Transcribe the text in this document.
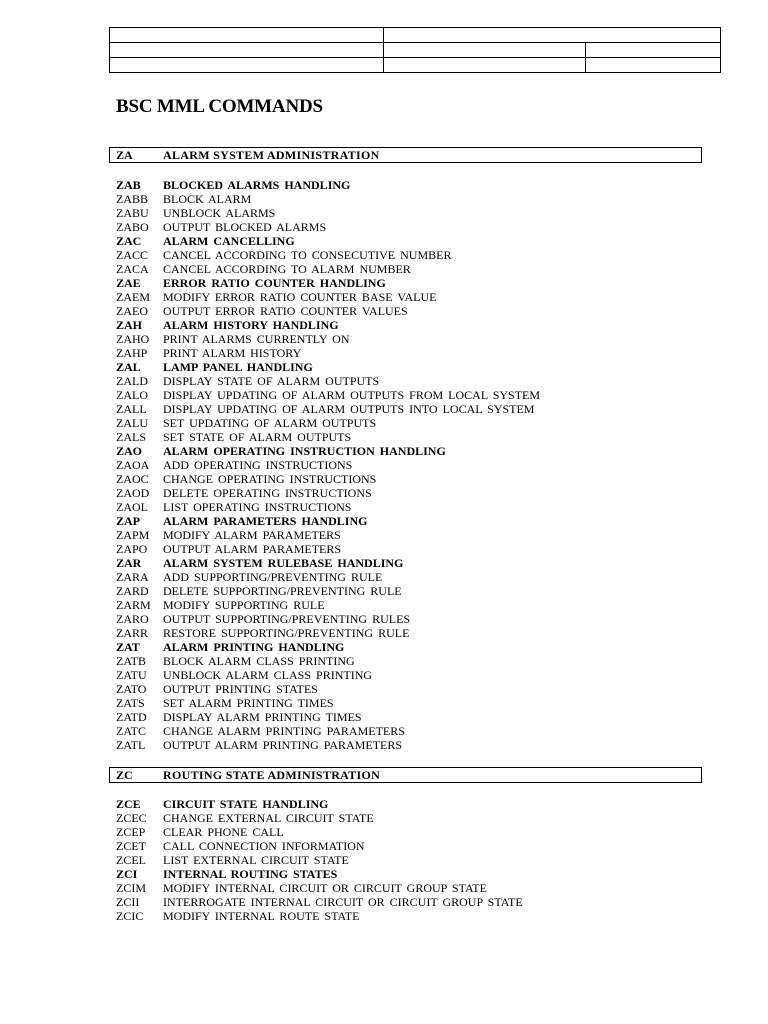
BSC MML COMMANDS
ZA	ALARM SYSTEM ADMINISTRATION
ZAB BLOCKED ALARMS HANDLING
ZABB BLOCK ALARM
ZABU UNBLOCK ALARMS
ZABO OUTPUT BLOCKED ALARMS
ZAC ALARM CANCELLING
ZACC CANCEL ACCORDING TO CONSECUTIVE NUMBER
ZACA CANCEL ACCORDING TO ALARM NUMBER
ZAE ERROR RATIO COUNTER HANDLING
ZAEM MODIFY ERROR RATIO COUNTER BASE VALUE
ZAEO OUTPUT ERROR RATIO COUNTER VALUES
ZAH ALARM HISTORY HANDLING
ZAHO PRINT ALARMS CURRENTLY ON
ZAHP PRINT ALARM HISTORY
ZAL LAMP PANEL HANDLING
ZALD DISPLAY STATE OF ALARM OUTPUTS
ZALO DISPLAY UPDATING OF ALARM OUTPUTS FROM LOCAL SYSTEM
ZALL DISPLAY UPDATING OF ALARM OUTPUTS INTO LOCAL SYSTEM
ZALU SET UPDATING OF ALARM OUTPUTS
ZALS SET STATE OF ALARM OUTPUTS
ZAO ALARM OPERATING INSTRUCTION HANDLING
ZAOA ADD OPERATING INSTRUCTIONS
ZAOC CHANGE OPERATING INSTRUCTIONS
ZAOD DELETE OPERATING INSTRUCTIONS
ZAOL LIST OPERATING INSTRUCTIONS
ZAP ALARM PARAMETERS HANDLING
ZAPM MODIFY ALARM PARAMETERS
ZAPO OUTPUT ALARM PARAMETERS
ZAR ALARM SYSTEM RULEBASE HANDLING
ZARA ADD SUPPORTING/PREVENTING RULE
ZARD DELETE SUPPORTING/PREVENTING RULE
ZARM MODIFY SUPPORTING RULE
ZARO OUTPUT SUPPORTING/PREVENTING RULES
ZARR RESTORE SUPPORTING/PREVENTING RULE
ZAT ALARM PRINTING HANDLING
ZATB BLOCK ALARM CLASS PRINTING
ZATU UNBLOCK ALARM CLASS PRINTING
ZATO OUTPUT PRINTING STATES
ZATS SET ALARM PRINTING TIMES
ZATD DISPLAY ALARM PRINTING TIMES
ZATC CHANGE ALARM PRINTING PARAMETERS
ZATL OUTPUT ALARM PRINTING PARAMETERS
ZC	ROUTING STATE ADMINISTRATION
ZCE CIRCUIT STATE HANDLING
ZCEC CHANGE EXTERNAL CIRCUIT STATE
ZCEP CLEAR PHONE CALL
ZCET CALL CONNECTION INFORMATION
ZCEL LIST EXTERNAL CIRCUIT STATE
ZCI INTERNAL ROUTING STATES
ZCIM MODIFY INTERNAL CIRCUIT OR CIRCUIT GROUP STATE
ZCII INTERROGATE INTERNAL CIRCUIT OR CIRCUIT GROUP STATE
ZCIC MODIFY INTERNAL ROUTE STATE
